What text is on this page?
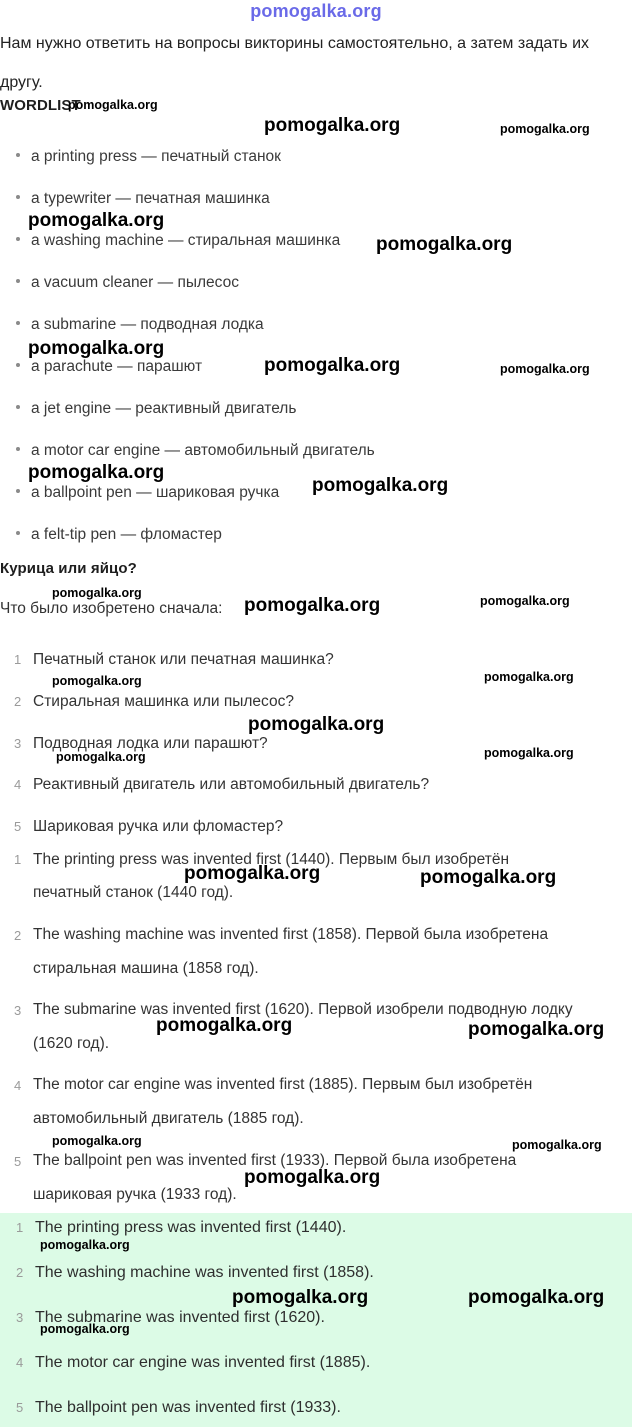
pomogalka.org
Нам нужно ответить на вопросы викторины самостоятельно, а затем задать их другу.
WORDLIST
a printing press — печатный станок
a typewriter — печатная машинка
a washing machine — стиральная машинка
a vacuum cleaner — пылесос
a submarine — подводная лодка
a parachute — парашют
a jet engine — реактивный двигатель
a motor car engine — автомобильный двигатель
a ballpoint pen — шариковая ручка
a felt-tip pen — фломастер
Курица или яйцо?
Что было изобретено сначала:
1 Печатный станок или печатная машинка?
2 Стиральная машинка или пылесос?
3 Подводная лодка или парашют?
4 Реактивный двигатель или автомобильный двигатель?
5 Шариковая ручка или фломастер?
1 The printing press was invented first (1440). Первым был изобретён
печатный станок (1440 год).
2 The washing machine was invented first (1858). Первой была изобретена
стиральная машина (1858 год).
3 The submarine was invented first (1620). Первой изобрели подводную лодку
(1620 год).
4 The motor car engine was invented first (1885). Первым был изобретён
автомобильный двигатель (1885 год).
5 The ballpoint pen was invented first (1933). Первой была изобретена
шариковая ручка (1933 год).
1 The printing press was invented first (1440).
2 The washing machine was invented first (1858).
3 The submarine was invented first (1620).
4 The motor car engine was invented first (1885).
5 The ballpoint pen was invented first (1933).
pomogalka.org
pomogalka.org	pomogalka.org
pomogalka.org
pomogalka.org
pomogalka.org
pomogalka.org	pomogalka.org
pomogalka.org
pomogalka.org
pomogalka.org
pomogalka.org	pomogalka.org
pomogalka.org	pomogalka.org
pomogalka.org
pomogalka.org	pomogalka.org
pomogalka.org	pomogalka.org
pomogalka.org	pomogalka.org
pomogalka.org	pomogalka.org
pomogalka.org
pomogalka.org
pomogalka.org	pomogalka.org
pomogalka.org
